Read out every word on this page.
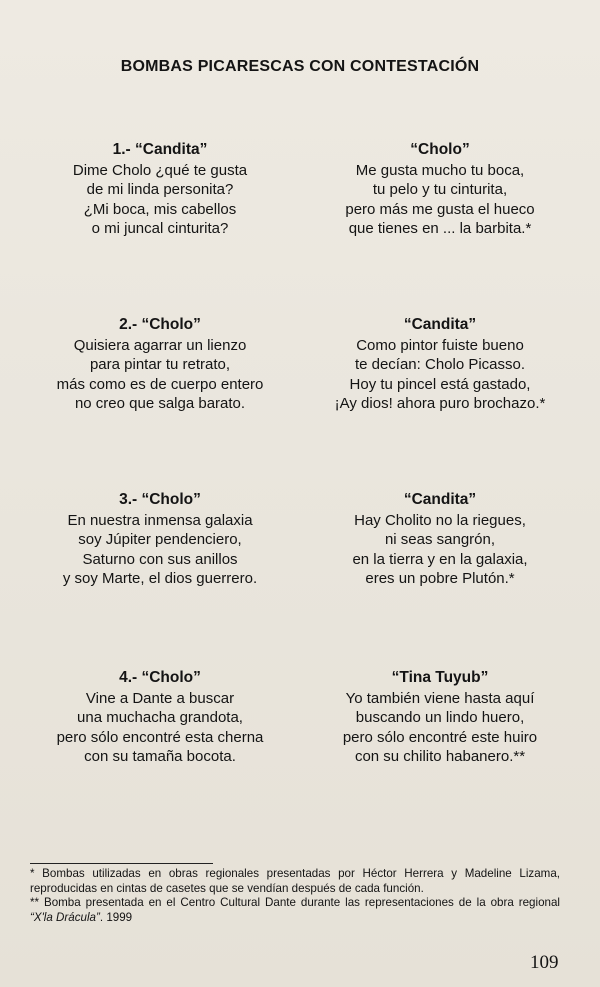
BOMBAS PICARESCAS CON CONTESTACIÓN
1.- “Candita”
Dime Cholo ¿qué te gusta
de mi linda personita?
¿Mi boca, mis cabellos
o mi juncal cinturita?
“Cholo”
Me gusta mucho tu boca,
tu pelo y tu cinturita,
pero más me gusta el hueco
que tienes en ... la barbita.*
2.- “Cholo”
Quisiera agarrar un lienzo
para pintar tu retrato,
más como es de cuerpo entero
no creo que salga barato.
“Candita”
Como pintor fuiste bueno
te decían: Cholo Picasso.
Hoy tu pincel está gastado,
¡Ay dios! ahora puro brochazo.*
3.- “Cholo”
En nuestra inmensa galaxia
soy Júpiter pendenciero,
Saturno con sus anillos
y soy Marte, el dios guerrero.
“Candita”
Hay Cholito no la riegues,
ni seas sangrón,
en la tierra y en la galaxia,
eres un pobre Plutón.*
4.- “Cholo”
Vine a Dante a buscar
una muchacha grandota,
pero sólo encontré esta cherna
con su tamaña bocota.
“Tina Tuyub”
Yo también viene hasta aquí
buscando un lindo huero,
pero sólo encontré este huiro
con su chilito habanero.**
* Bombas utilizadas en obras regionales presentadas por Héctor Herrera y Madeline Lizama, reproducidas en cintas de casetes que se vendían después de cada función.
** Bomba presentada en el Centro Cultural Dante durante las representaciones de la obra regional “X'la Drácula”. 1999
109
